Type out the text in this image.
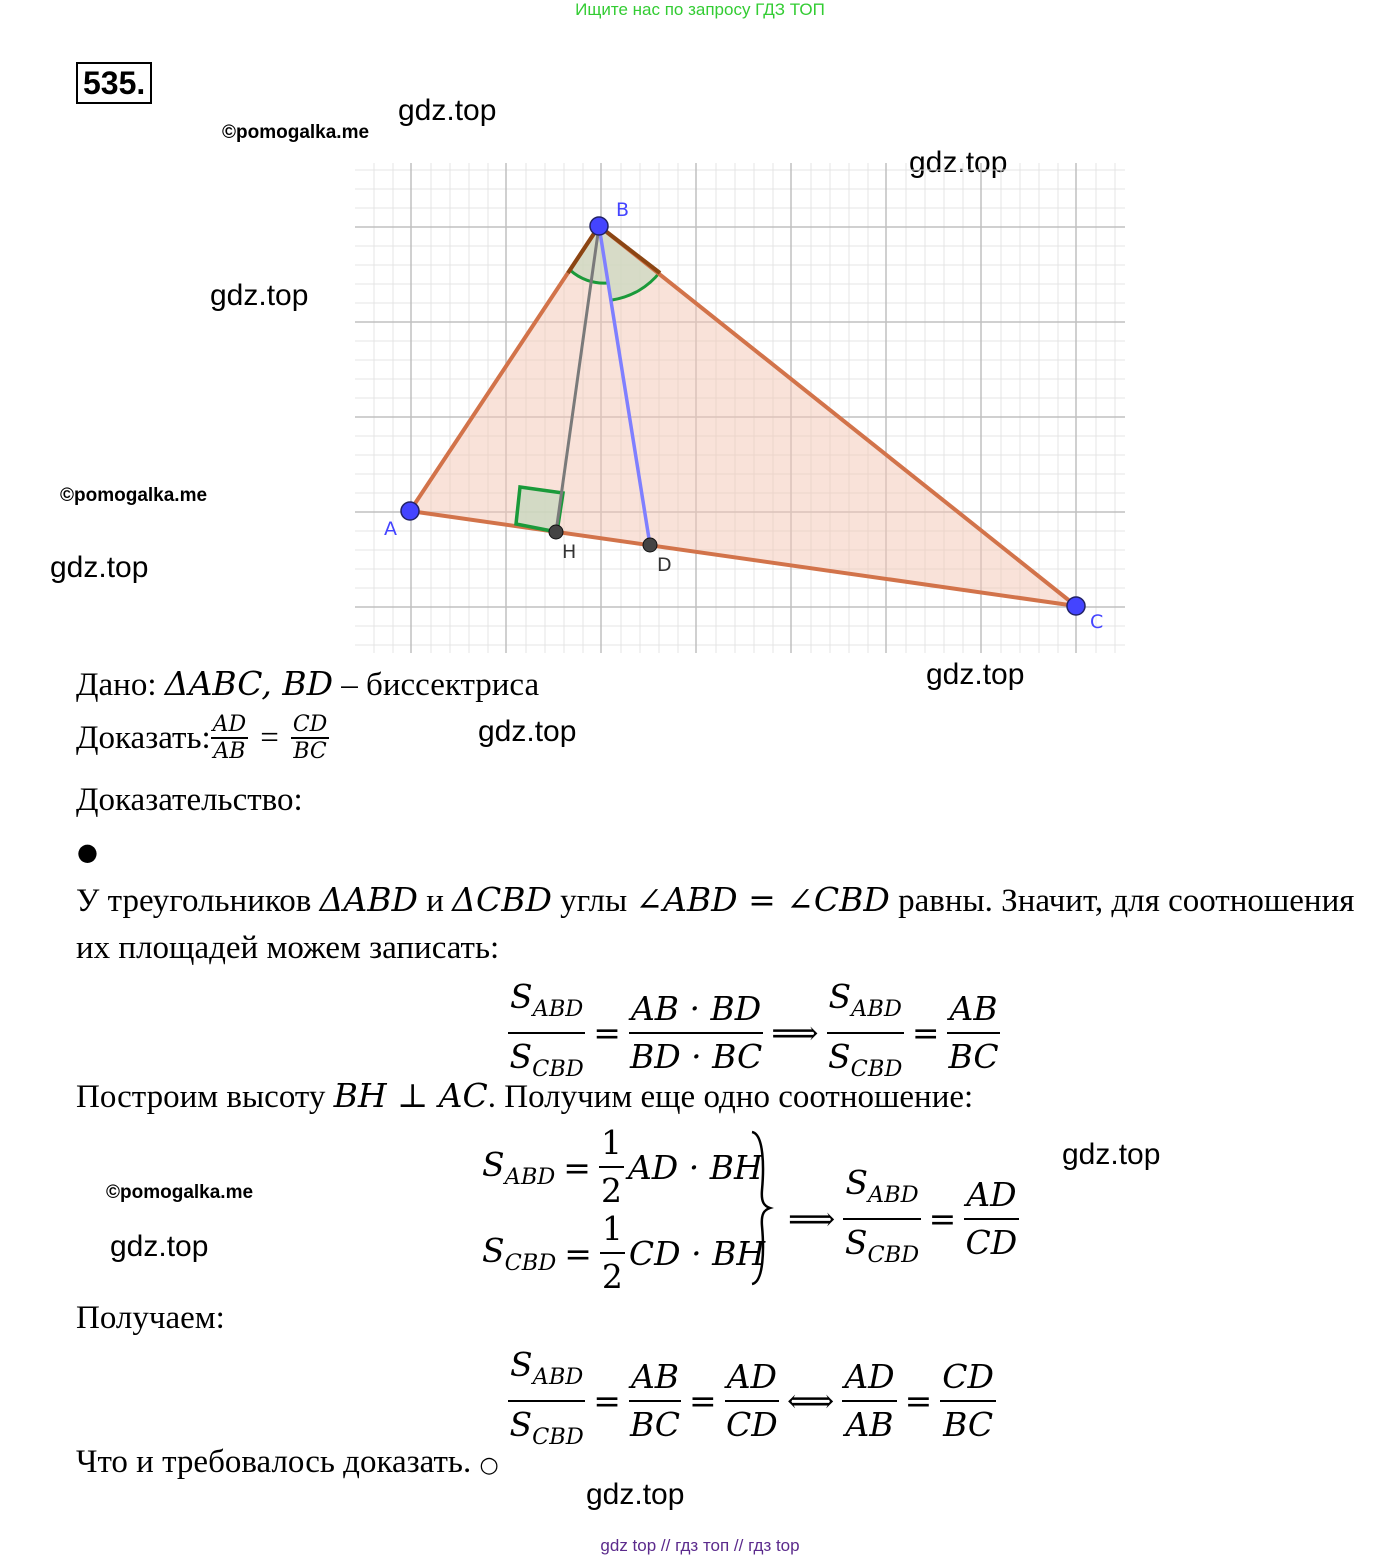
Ищите нас по запросу ГДЗ ТОП
535.
©pomogalka.me
gdz.top
gdz.top
gdz.top
©pomogalka.me
gdz.top
gdz.top
gdz.top
gdz.top
©pomogalka.me
gdz.top
gdz.top
A
B
C
H
D
Дано: ΔABC, BD – биссектриса
Доказать: $\frac{AD}{AB} = \frac{CD}{BC}$
Доказательство:
●
У треугольников ΔABD и ΔCBD углы ∠ABD = ∠CBD равны. Значит, для соотношения
их площадей можем записать:
$\frac{S_{ABD}}{S_{CBD}} = \frac{AB \cdot BD}{BD \cdot BC}$ ⟹ $\frac{S_{ABD}}{S_{CBD}} = \frac{AB}{BC}$
Построим высоту BH ⊥ AC. Получим еще одно соотношение:
$S_{ABD} = \frac{1}{2}$ AD · BH
$S_{CBD} = \frac{1}{2}$ CD · BH
⟹ $\frac{S_{ABD}}{S_{CBD}} = \frac{AD}{CD}$
Получаем:
$\frac{S_{ABD}}{S_{CBD}} = \frac{AB}{BC} = \frac{AD}{CD}$ ⟺ $\frac{AD}{AB} = \frac{CD}{BC}$
Что и требовалось доказать. ○
gdz top // гдз топ // гдз top
